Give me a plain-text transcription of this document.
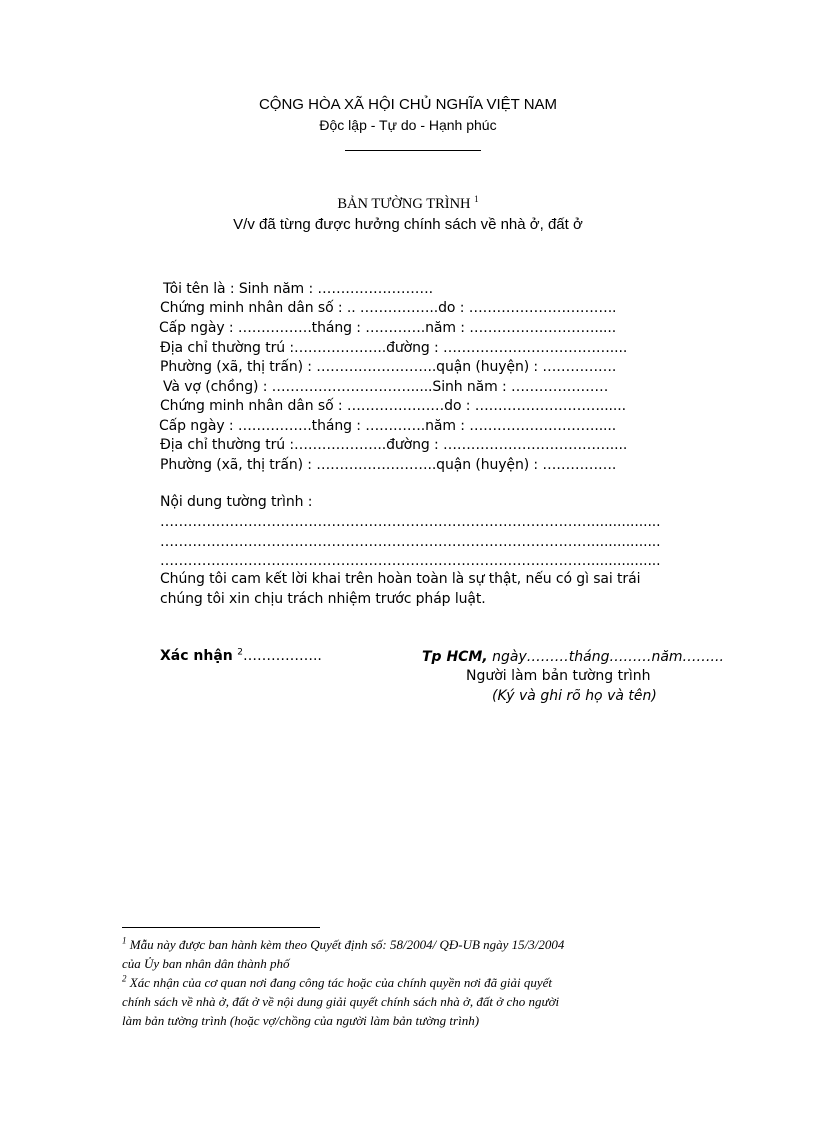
CỘNG HÒA XÃ HỘI CHỦ NGHĨA VIỆT NAM
Độc lập - Tự do - Hạnh phúc
BẢN TƯỜNG TRÌNH $^1$
V/v đã từng được hưởng chính sách về nhà ở, đất ở
Tôi tên là : Sinh năm : …………………….
Chứng minh nhân dân số : .. ……………..do : …………………………..
Cấp ngày : …………….tháng : ………….năm : ……………………….....
Địa chỉ thường trú :………………..đường : ………………………………....
Phường (xã, thị trấn) : ……………………..quận (huyện) : …………….
Và vợ (chồng) : ………………………….....Sinh năm : …………………
Chứng minh nhân dân số : …………………do : ………………………......
Cấp ngày : …………….tháng : ………….năm : ……………………….....
Địa chỉ thường trú :………………..đường : ………………………………....
Phường (xã, thị trấn) : ……………………..quận (huyện) : …………….
Nội dung tường trình :
…………………………………………………………………………………................
…………………………………………………………………………………................
…………………………………………………………………………………................
Chúng tôi cam kết lời khai trên hoàn toàn là sự thật, nếu có gì sai trái
chúng tôi xin chịu trách nhiệm trước pháp luật.
Xác nhận $^2$……………..	Tp HCM, ngày………tháng………năm……...
Người làm bản tường trình
(Ký và ghi rõ họ và tên)
$^1$ Mẫu này được ban hành kèm theo Quyết định số: 58/2004/ QĐ-UB ngày 15/3/2004
của Ủy ban nhân dân thành phố
$^2$ Xác nhận của cơ quan nơi đang công tác hoặc của chính quyền nơi đã giải quyết
chính sách về nhà ở, đất ở về nội dung giải quyết chính sách nhà ở, đất ở cho người
làm bản tường trình (hoặc vợ/chồng của người làm bản tường trình)
